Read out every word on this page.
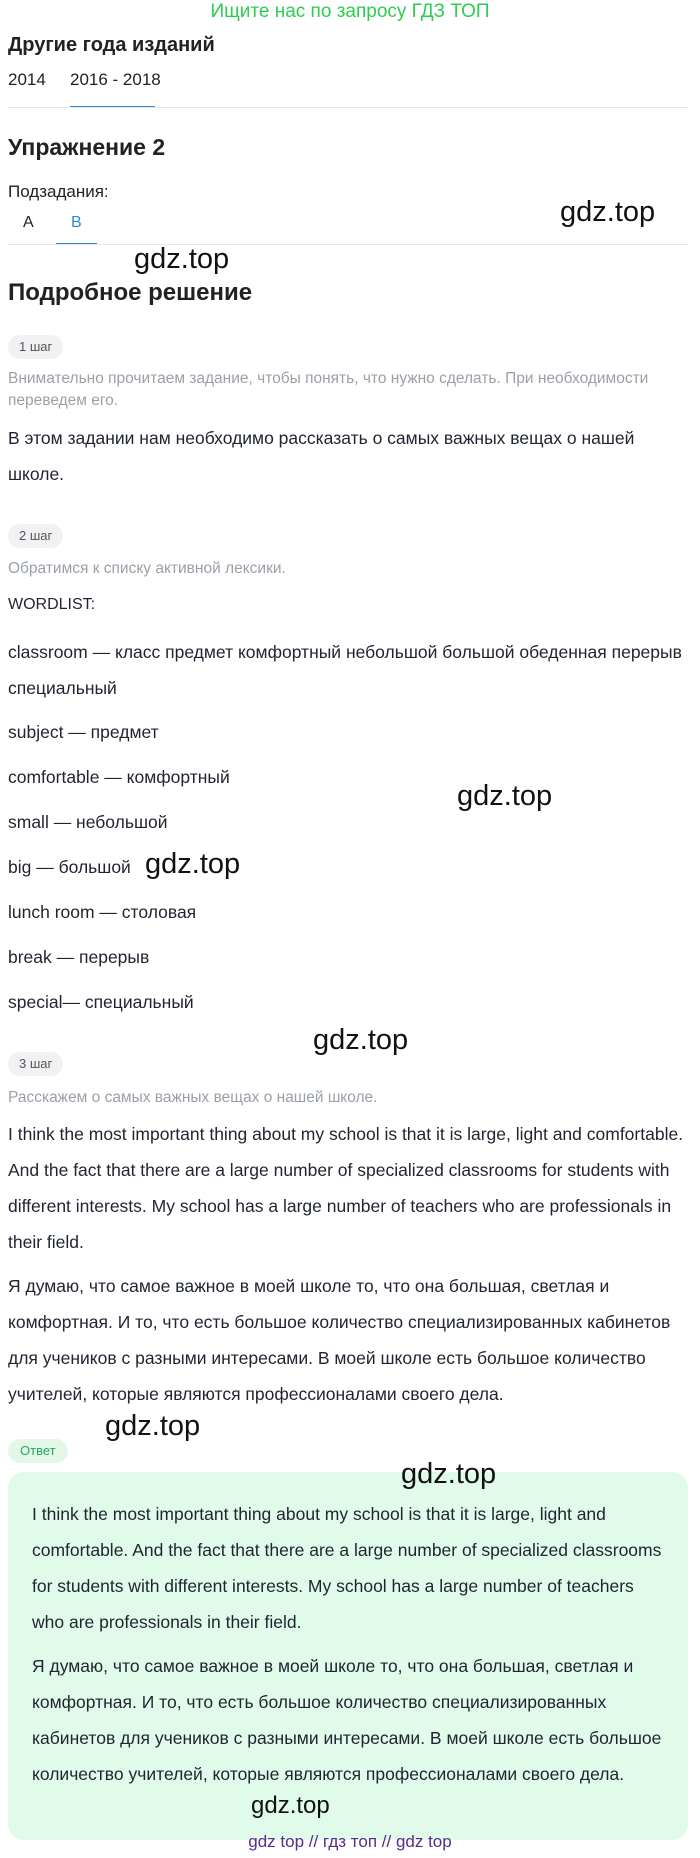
Ищите нас по запросу ГДЗ ТОП
Другие года изданий
2014 2016 - 2018
Упражнение 2
Подзадания:
А В
Подробное решение
1 шаг
Внимательно прочитаем задание, чтобы понять, что нужно сделать. При необходимости переведем его.
В этом задании нам необходимо рассказать о самых важных вещах о нашей школе.
2 шаг
Обратимся к списку активной лексики.
WORDLIST:
classroom — класс предмет комфортный небольшой большой обеденная перерыв специальный
subject — предмет
comfortable — комфортный
small — небольшой
big — большой
lunch room — столовая
break — перерыв
special— специальный
3 шаг
Расскажем о самых важных вещах о нашей школе.
I think the most important thing about my school is that it is large, light and comfortable. And the fact that there are a large number of specialized classrooms for students with different interests. My school has a large number of teachers who are professionals in their field.
Я думаю, что самое важное в моей школе то, что она большая, светлая и комфортная. И то, что есть большое количество специализированных кабинетов для учеников с разными интересами. В моей школе есть большое количество учителей, которые являются профессионалами своего дела.
Ответ
I think the most important thing about my school is that it is large, light and comfortable. And the fact that there are a large number of specialized classrooms for students with different interests. My school has a large number of teachers who are professionals in their field.
Я думаю, что самое важное в моей школе то, что она большая, светлая и комфортная. И то, что есть большое количество специализированных кабинетов для учеников с разными интересами. В моей школе есть большое количество учителей, которые являются профессионалами своего дела.
gdz.top
gdz.top
gdz.top
gdz.top
gdz.top
gdz.top
gdz.top
gdz.top
gdz top // гдз топ // gdz top
